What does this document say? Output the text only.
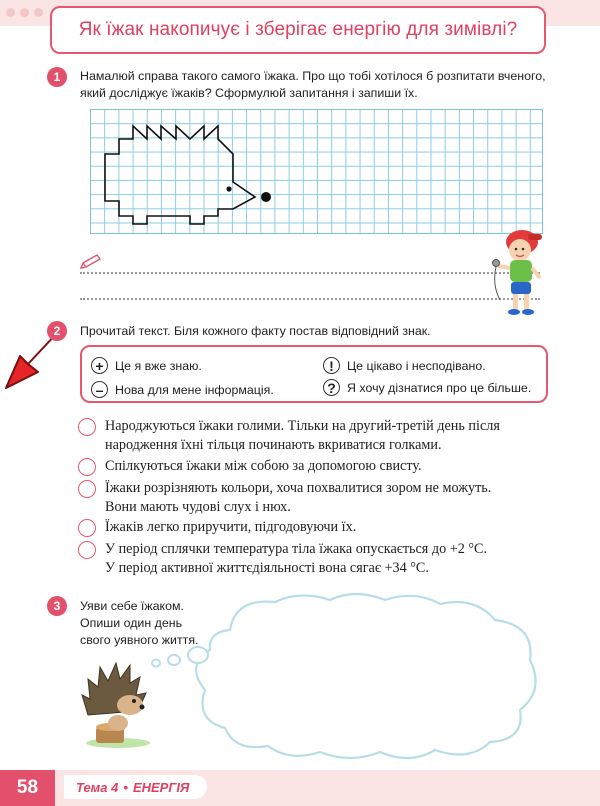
Як їжак накопичує і зберігає енергію для зимівлі?
1	Намалюй справа такого самого їжака. Про що тобі хотілося б розпитати вченого,
який досліджує їжаків? Сформулюй запитання і запиши їх.
2	Прочитай текст. Біля кожного факту постав відповідний знак.
+ Це я вже знаю.	!	Це цікаво і несподівано.
– Нова для мене інформація.	? Я хочу дізнатися про це більше.
Народжуються їжаки голими. Тільки на другий-третій день після
народження їхні тільця починають вкриватися голками.
Спілкуються їжаки між собою за допомогою свисту.
Їжаки розрізняють кольори, хоча похвалитися зором не можуть.
Вони мають чудові слух і нюх.
Їжаків легко приручити, підгодовуючи їх.
У період сплячки температура тіла їжака опускається до +2 °C.
У період активної життєдіяльності вона сягає +34 °C.
3	Уяви себе їжаком.
Опиши один день
свого уявного життя.
58	Тема 4 • ЕНЕРГІЯ
